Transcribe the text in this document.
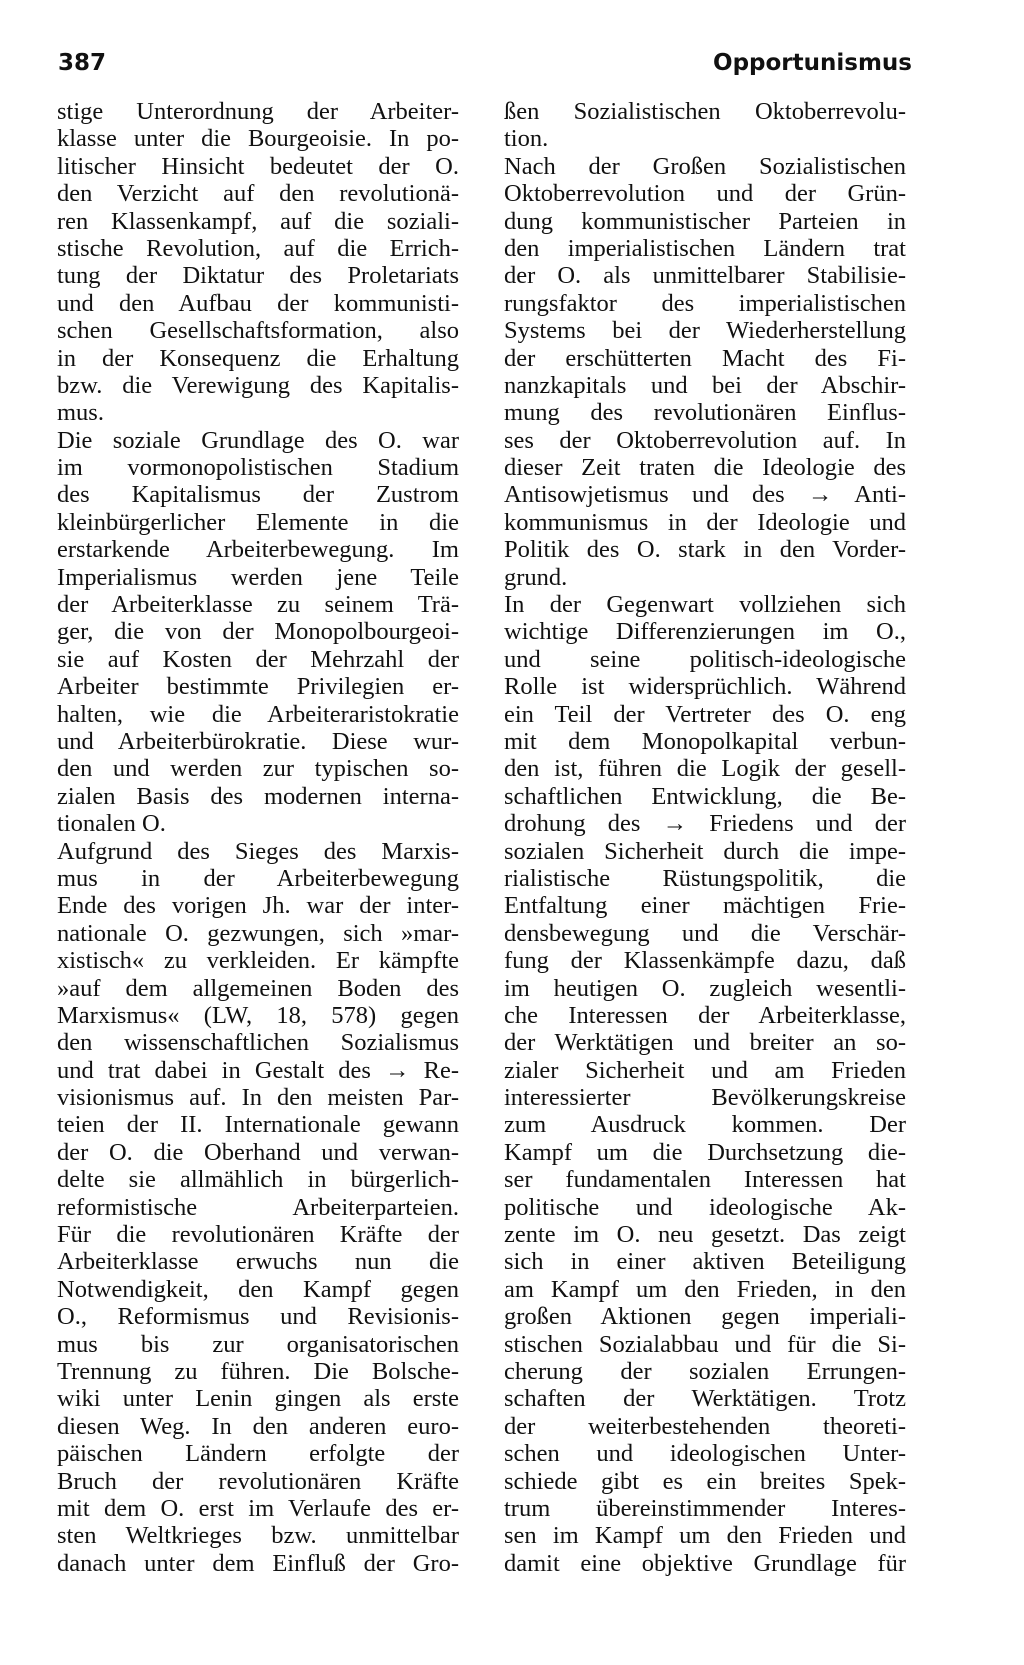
387	Opportunismus
stige Unterordnung der Arbeiter-
klasse unter die Bourgeoisie. In po-
litischer Hinsicht bedeutet der O.
den Verzicht auf den revolutionä-
ren Klassenkampf, auf die soziali-
stische Revolution, auf die Errich-
tung der Diktatur des Proletariats
und den Aufbau der kommunisti-
schen Gesellschaftsformation, also
in der Konsequenz die Erhaltung
bzw. die Verewigung des Kapitalis-
mus.
Die soziale Grundlage des O. war
im vormonopolistischen Stadium
des Kapitalismus der Zustrom
kleinbürgerlicher Elemente in die
erstarkende Arbeiterbewegung. Im
Imperialismus werden jene Teile
der Arbeiterklasse zu seinem Trä-
ger, die von der Monopolbourgeoi-
sie auf Kosten der Mehrzahl der
Arbeiter bestimmte Privilegien er-
halten, wie die Arbeiteraristokratie
und Arbeiterbürokratie. Diese wur-
den und werden zur typischen so-
zialen Basis des modernen interna-
tionalen O.
Aufgrund des Sieges des Marxis-
mus in der Arbeiterbewegung
Ende des vorigen Jh. war der inter-
nationale O. gezwungen, sich »mar-
xistisch« zu verkleiden. Er kämpfte
»auf dem allgemeinen Boden des
Marxismus« (LW, 18, 578) gegen
den wissenschaftlichen Sozialismus
und trat dabei in Gestalt des → Re-
visionismus auf. In den meisten Par-
teien der II. Internationale gewann
der O. die Oberhand und verwan-
delte sie allmählich in bürgerlich-
reformistische Arbeiterparteien.
Für die revolutionären Kräfte der
Arbeiterklasse erwuchs nun die
Notwendigkeit, den Kampf gegen
O., Reformismus und Revisionis-
mus bis zur organisatorischen
Trennung zu führen. Die Bolsche-
wiki unter Lenin gingen als erste
diesen Weg. In den anderen euro-
päischen Ländern erfolgte der
Bruch der revolutionären Kräfte
mit dem O. erst im Verlaufe des er-
sten Weltkrieges bzw. unmittelbar
danach unter dem Einfluß der Gro-
ßen Sozialistischen Oktoberrevolu-
tion.
Nach der Großen Sozialistischen
Oktoberrevolution und der Grün-
dung kommunistischer Parteien in
den imperialistischen Ländern trat
der O. als unmittelbarer Stabilisie-
rungsfaktor des imperialistischen
Systems bei der Wiederherstellung
der erschütterten Macht des Fi-
nanzkapitals und bei der Abschir-
mung des revolutionären Einflus-
ses der Oktoberrevolution auf. In
dieser Zeit traten die Ideologie des
Antisowjetismus und des → Anti-
kommunismus in der Ideologie und
Politik des O. stark in den Vorder-
grund.
In der Gegenwart vollziehen sich
wichtige Differenzierungen im O.,
und seine politisch-ideologische
Rolle ist widersprüchlich. Während
ein Teil der Vertreter des O. eng
mit dem Monopolkapital verbun-
den ist, führen die Logik der gesell-
schaftlichen Entwicklung, die Be-
drohung des → Friedens und der
sozialen Sicherheit durch die impe-
rialistische Rüstungspolitik, die
Entfaltung einer mächtigen Frie-
densbewegung und die Verschär-
fung der Klassenkämpfe dazu, daß
im heutigen O. zugleich wesentli-
che Interessen der Arbeiterklasse,
der Werktätigen und breiter an so-
zialer Sicherheit und am Frieden
interessierter Bevölkerungskreise
zum Ausdruck kommen. Der
Kampf um die Durchsetzung die-
ser fundamentalen Interessen hat
politische und ideologische Ak-
zente im O. neu gesetzt. Das zeigt
sich in einer aktiven Beteiligung
am Kampf um den Frieden, in den
großen Aktionen gegen imperiali-
stischen Sozialabbau und für die Si-
cherung der sozialen Errungen-
schaften der Werktätigen. Trotz
der weiterbestehenden theoreti-
schen und ideologischen Unter-
schiede gibt es ein breites Spek-
trum übereinstimmender Interes-
sen im Kampf um den Frieden und
damit eine objektive Grundlage für
